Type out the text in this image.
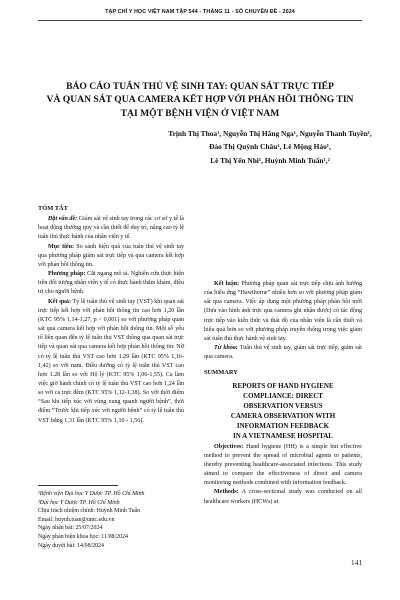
TẠP CHÍ Y HỌC VIỆT NAM TẬP 544 - THÁNG 11 - SỐ CHUYÊN ĐỀ - 2024
BÁO CÁO TUÂN THỦ VỆ SINH TAY: QUAN SÁT TRỰC TIẾP
VÀ QUAN SÁT QUA CAMERA KẾT HỢP VỚI PHẢN HỒI THÔNG TIN
TẠI MỘT BỆNH VIỆN Ở VIỆT NAM
Trịnh Thị Thoa¹, Nguyễn Thị Hằng Nga¹, Nguyễn Thanh Tuyền¹,
Đào Thị Quỳnh Châu¹, Lê Mộng Hảo¹,
Lê Thị Yến Nhi¹, Huỳnh Minh Tuấn¹,²
TÓM TẮT

Đặt vấn đề: Giám sát vệ sinh tay trong các cơ sở y tế là hoạt động thường quy và cần thiết để duy trì, nâng cao tỷ lệ tuân thủ thực hành của nhân viên y tế.

Mục tiêu: So sánh hiệu quả của tuân thủ vệ sinh tay qua phương pháp giám sát trực tiếp và qua camera kết hợp với phản hồi thông tin.

Phương pháp: Cắt ngang mô tả. Nghiên cứu thực hiện trên đối tượng nhân viên y tế có thực hành thăm khám, điều trị cho người bệnh.

Kết quả: Tỷ lệ tuân thủ vệ sinh tay (VST) khi quan sát trực tiếp kết hợp với phản hồi thông tin cao hơn 1,20 lần (KTC 95% 1,14-1,27, p < 0,001) so với phương pháp quan sát qua camera kết hợp với phản hồi thông tin. Một số yếu tố liên quan đến tỷ lệ tuân thủ VST thông qua quan sát trực tiếp và quan sát qua camera kết hợp phản hồi thông tin: Nữ có tỷ lệ tuân thủ VST cao hơn 1.29 lần (KTC 95% 1,16-1,42) so với nam. Điều dưỡng có tỷ lệ tuân thủ VST cao hơn 1.28 lần so với Hộ lý (KTC 95% 1,06-1,55). Ca làm việc giờ hành chính có tỷ lệ tuân thủ VST cao hơn 1,24 lần so với ca trực đêm (KTC 95% 1,12-1,38). So với thời điểm “Sau khi tiếp xúc với vùng xung quanh người bệnh”, thời điểm “Trước khi tiếp xúc với người bệnh” có tỷ lệ tuân thủ VST bằng 1,31 lần (KTC 95% 1,10 - 1,56).

Kết luận: Phương pháp quan sát trực tiếp chịu ảnh hưởng của hiệu ứng “Hawthorne” nhiều hơn so với phương pháp giám sát qua camera. Việc áp dụng một phương pháp phản hồi mới (Dựa vào hình ảnh trực qua camera ghi nhận được) có tác động trực tiếp vào kiến thức và thái độ của nhân viên là cần thiết và hiệu quả hơn so với phương pháp truyền thống trong việc giám sát tuân thủ thực hành vệ sinh tay.

Từ khóa: Tuân thủ vệ sinh tay, giám sát trực tiếp, giám sát qua camera.

SUMMARY
REPORTS OF HAND HYGIENE
COMPLIANCE: DIRECT
OBSERVATION VERSUS
CAMERA OBSERVATION WITH
INFORMATION FEEDBACK
IN A VIETNAMESE HOSPITAL

Objectives: Hand hygiene (HH) is a simple but effective method to prevent the spread of microbial agents to patients, thereby preventing healthcare-associated infections. This study aimed to compare the effectiveness of direct and camera monitoring methods combined with information feedback.

Methods: A cross-sectional study was conducted on all healthcare workers (HCWs) at

¹Bệnh viện Đại học Y Dược TP. Hồ Chí Minh
²Đại học Y Dược TP. Hồ Chí Minh
Chịu trách nhiệm chính: Huỳnh Minh Tuấn
Email: huynh.tuan@umc.edu.vn
Ngày nhận bài: 25/07/2024
Ngày phản biện khoa học: 11/08/2024
Ngày duyệt bài: 14/08/2024
141
